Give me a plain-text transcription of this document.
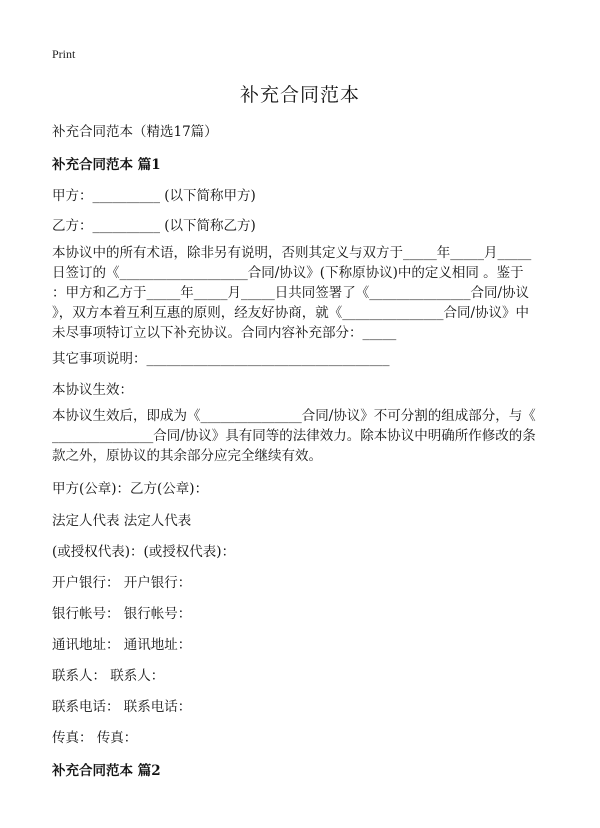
Print
补充合同范本
补充合同范本（精选17篇）
补充合同范本 篇1
甲方：__________ (以下简称甲方)
乙方：__________ (以下简称乙方)
本协议中的所有术语，除非另有说明，否则其定义与双方于_____年_____月_____
日签订的《___________________合同/协议》(下称原协议)中的定义相同 。鉴于
：甲方和乙方于_____年_____月_____日共同签署了《_______________合同/协议
》，双方本着互利互惠的原则，经友好协商，就《_______________合同/协议》中
未尽事项特订立以下补充协议。合同内容补充部分：_____
其它事项说明：____________________________________
本协议生效：
本协议生效后，即成为《_______________合同/协议》不可分割的组成部分，与《
_______________合同/协议》具有同等的法律效力。除本协议中明确所作修改的条
款之外，原协议的其余部分应完全继续有效。
甲方(公章)：乙方(公章)：
法定人代表 法定人代表
(或授权代表)：(或授权代表)：
开户银行： 开户银行：
银行帐号： 银行帐号：
通讯地址： 通讯地址：
联系人： 联系人：
联系电话： 联系电话：
传真： 传真：
补充合同范本 篇2
